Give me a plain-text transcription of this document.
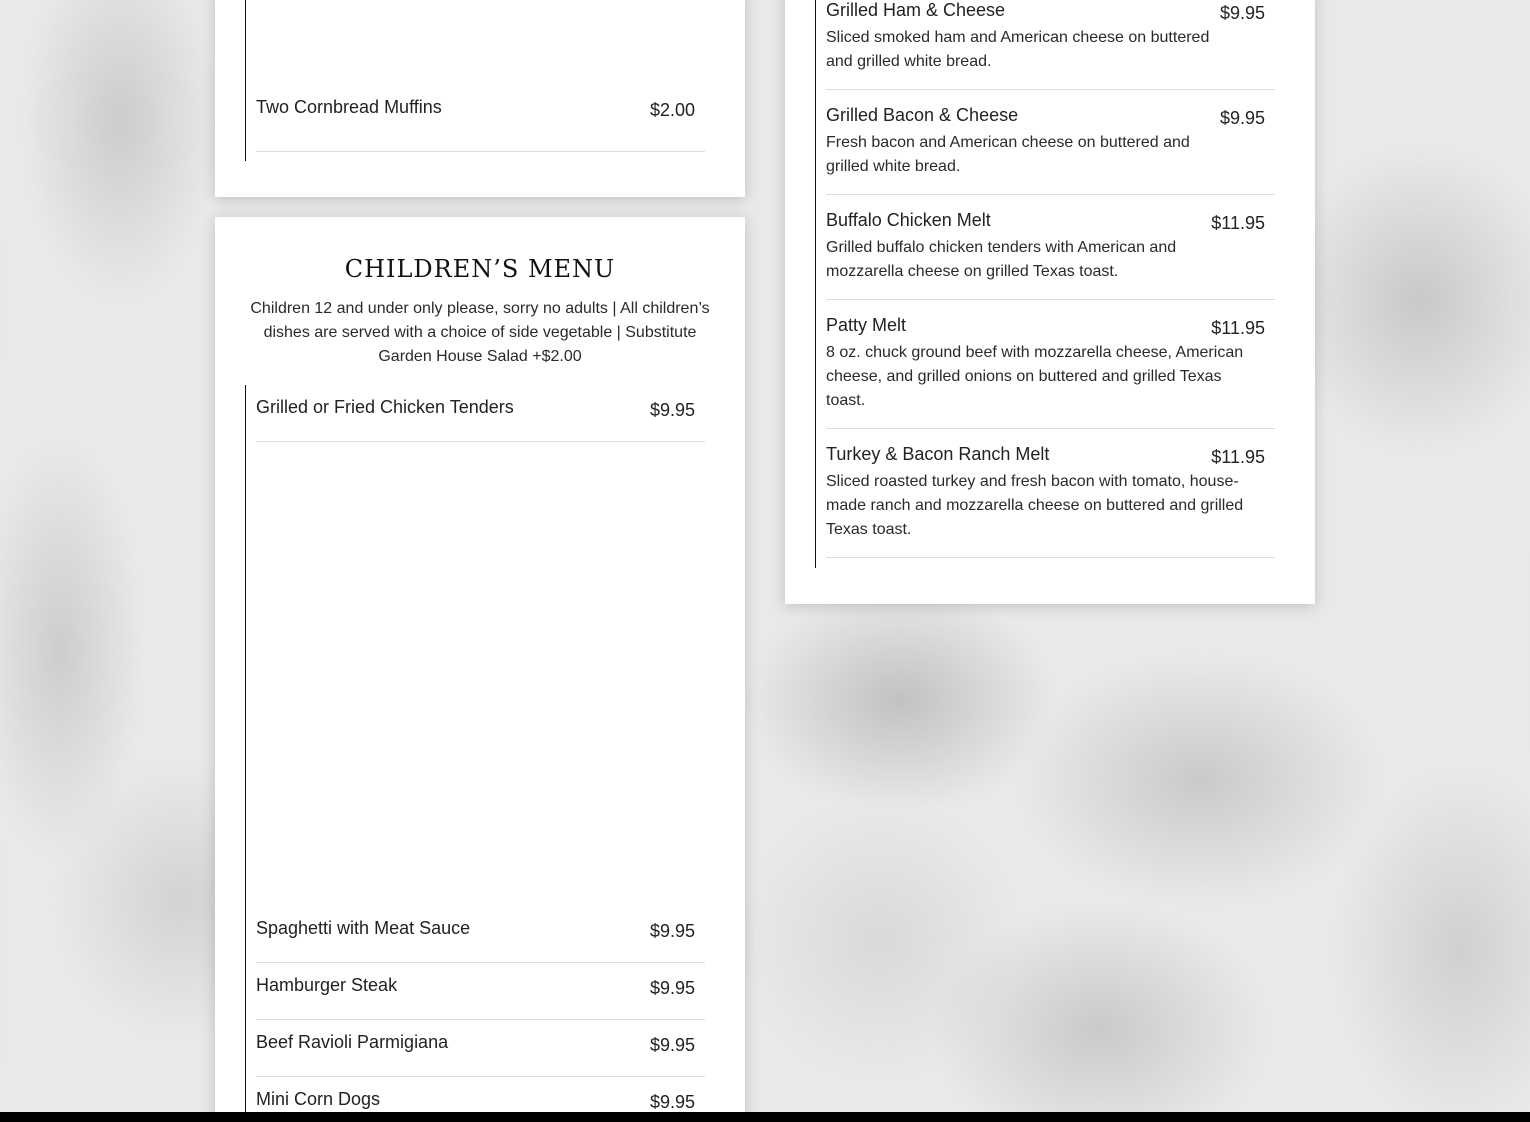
Two Cornbread Muffins	$2.00
CHILDREN’S MENU
Children 12 and under only please, sorry no adults | All children’s dishes are served with a choice of side vegetable | Substitute Garden House Salad +$2.00
Grilled or Fried Chicken Tenders	$9.95
Spaghetti with Meat Sauce	$9.95
Hamburger Steak	$9.95
Beef Ravioli Parmigiana	$9.95
Mini Corn Dogs	$9.95
Grilled Ham & Cheese	$9.95
Sliced smoked ham and American cheese on buttered and grilled white bread.
Grilled Bacon & Cheese	$9.95
Fresh bacon and American cheese on buttered and grilled white bread.
Buffalo Chicken Melt	$11.95
Grilled buffalo chicken tenders with American and mozzarella cheese on grilled Texas toast.
Patty Melt	$11.95
8 oz. chuck ground beef with mozzarella cheese, American cheese, and grilled onions on buttered and grilled Texas toast.
Turkey & Bacon Ranch Melt	$11.95
Sliced roasted turkey and fresh bacon with tomato, house-made ranch and mozzarella cheese on buttered and grilled Texas toast.
